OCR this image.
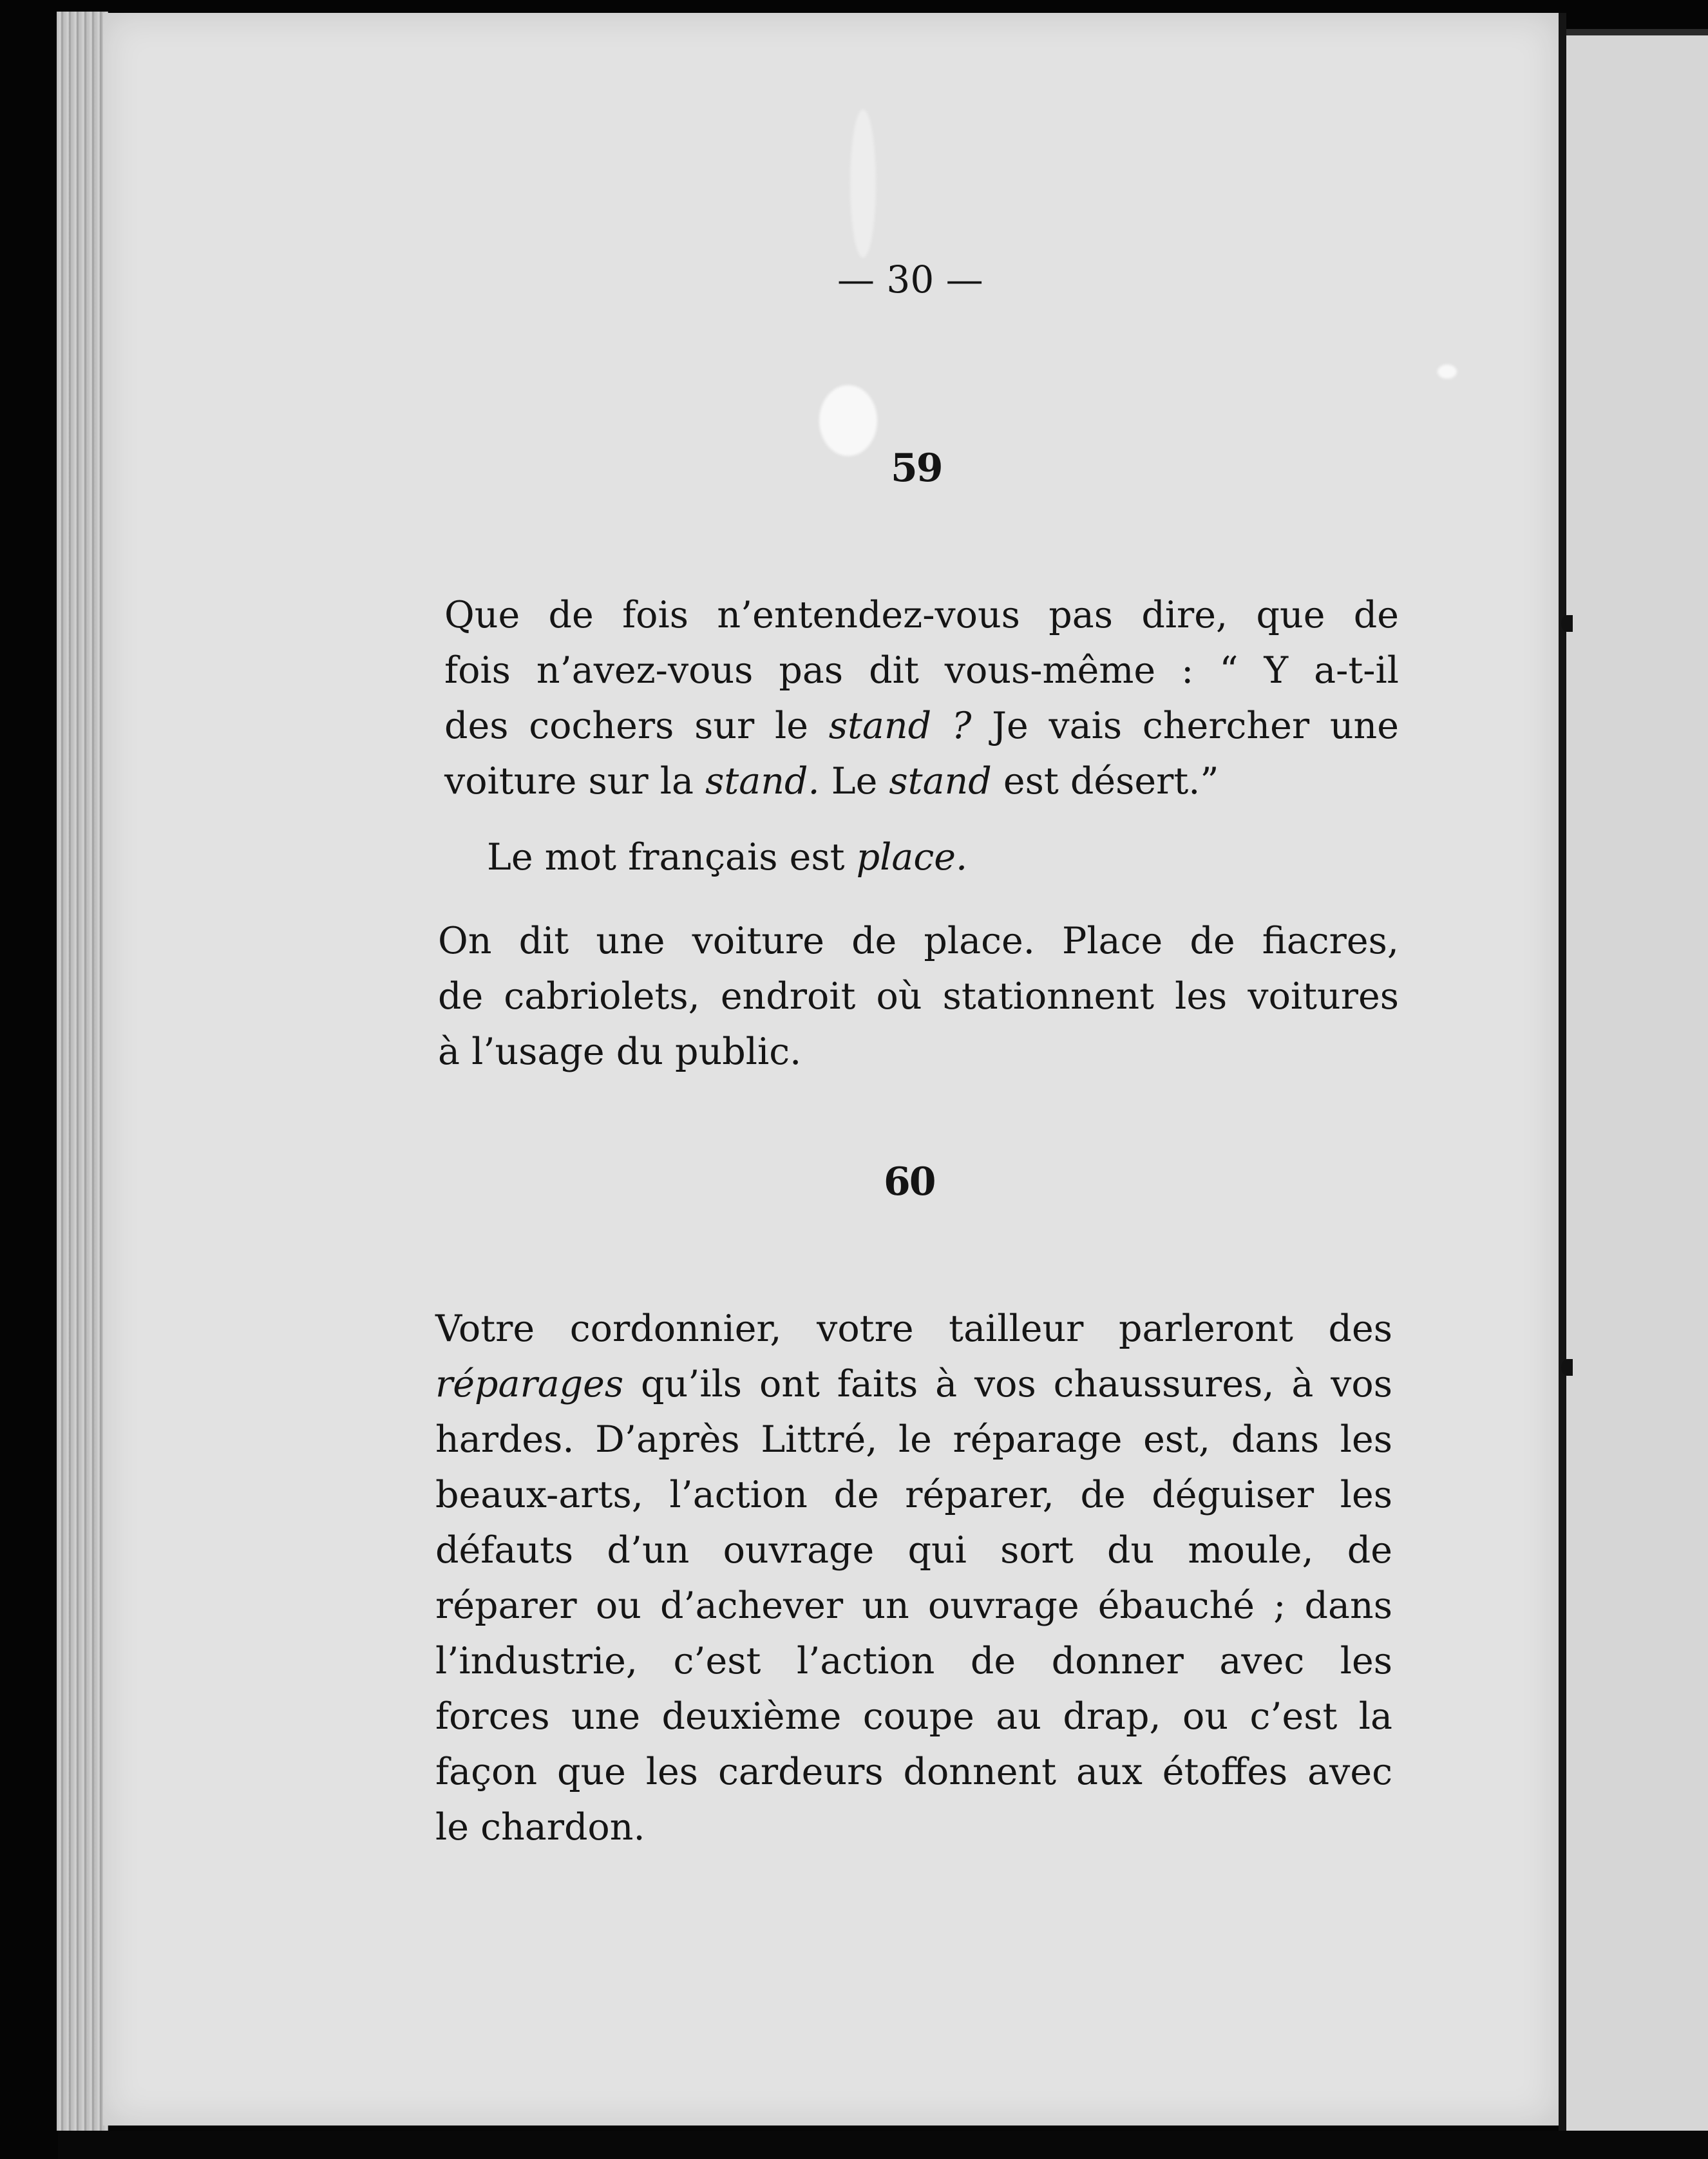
— 30 —
59
Que de fois n’entendez-vous pas dire, que de
fois n’avez-vous pas dit vous-même : “ Y a-t-il
des cochers sur le stand ? Je vais chercher une
voiture sur la stand. Le stand est désert.”
Le mot français est place.
On dit une voiture de place. Place de fiacres,
de cabriolets, endroit où stationnent les voitures
à l’usage du public.
60
Votre cordonnier, votre tailleur parleront des
réparages qu’ils ont faits à vos chaussures, à vos
hardes. D’après Littré, le réparage est, dans les
beaux-arts, l’action de réparer, de déguiser les
défauts d’un ouvrage qui sort du moule, de
réparer ou d’achever un ouvrage ébauché ; dans
l’industrie, c’est l’action de donner avec les
forces une deuxième coupe au drap, ou c’est la
façon que les cardeurs donnent aux étoffes avec
le chardon.
